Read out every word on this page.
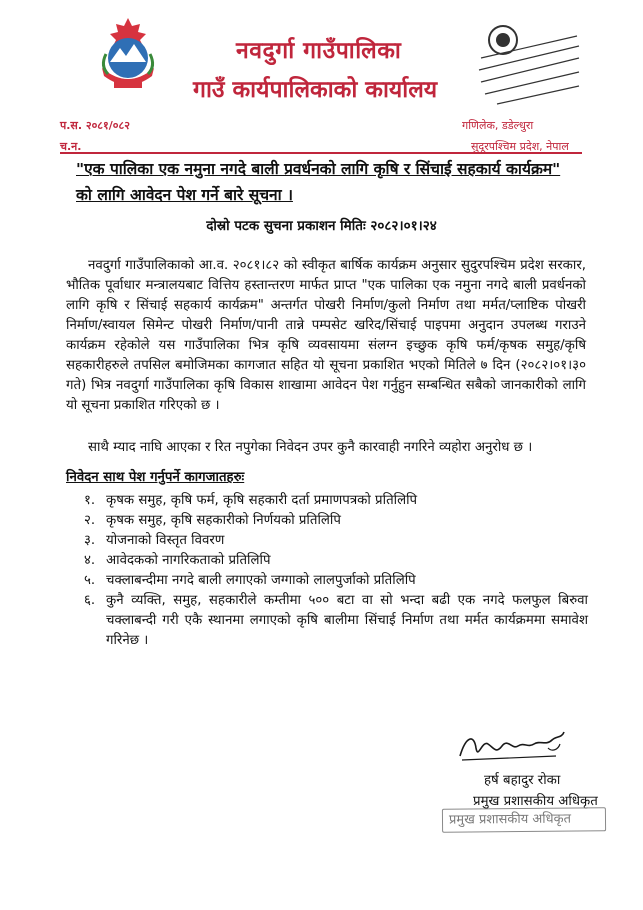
नवदुर्गा गाउँपालिका
गाउँ कार्यपालिकाको कार्यालय
प.स. २०८१/०८२
च.न.
गणिलेक, डडेल्धुरा
सुदूरपश्चिम प्रदेश, नेपाल
"एक पालिका एक नमुना नगदे बाली प्रवर्धनको लागि कृषि र सिंचाई सहकार्य कार्यक्रम" को लागि आवेदन पेश गर्ने बारे सूचना ।
दोस्रो पटक सुचना प्रकाशन मितिः २०८२।०१।२४
नवदुर्गा गाउँपालिकाको आ.व. २०८१।८२ को स्वीकृत बार्षिक कार्यक्रम अनुसार सुदुरपश्चिम प्रदेश सरकार, भौतिक पूर्वाधार मन्त्रालयबाट वित्तिय हस्तान्तरण मार्फत प्राप्त "एक पालिका एक नमुना नगदे बाली प्रवर्धनको लागि कृषि र सिंचाई सहकार्य कार्यक्रम" अन्तर्गत पोखरी निर्माण/कुलो निर्माण तथा मर्मत/प्लाष्टिक पोखरी निर्माण/स्वायल सिमेन्ट पोखरी निर्माण/पानी तान्ने पम्पसेट खरिद/सिंचाई पाइपमा अनुदान उपलब्ध गराउने कार्यक्रम रहेकोले यस गाउँपालिका भित्र कृषि व्यवसायमा संलग्न इच्छुक कृषि फर्म/कृषक समुह/कृषि सहकारीहरुले तपसिल बमोजिमका कागजात सहित यो सूचना प्रकाशित भएको मितिले ७ दिन (२०८२।०१।३० गते) भित्र नवदुर्गा गाउँपालिका कृषि विकास शाखामा आवेदन पेश गर्नुहुन सम्बन्धित सबैको जानकारीको लागि यो सूचना प्रकाशित गरिएको छ ।
साथै म्याद नाघि आएका र रित नपुगेका निवेदन उपर कुनै कारवाही नगरिने व्यहोरा अनुरोध छ ।
निवेदन साथ पेश गर्नुपर्ने कागजातहरुः
१. कृषक समुह, कृषि फर्म, कृषि सहकारी दर्ता प्रमाणपत्रको प्रतिलिपि
२. कृषक समुह, कृषि सहकारीको निर्णयको प्रतिलिपि
३. योजनाको विस्तृत विवरण
४. आवेदकको नागरिकताको प्रतिलिपि
५. चक्लाबन्दीमा नगदे बाली लगाएको जग्गाको लालपुर्जाको प्रतिलिपि
६. कुनै व्यक्ति, समुह, सहकारीले कम्तीमा ५०० बटा वा सो भन्दा बढी एक नगदे फलफुल बिरुवा चक्लाबन्दी गरी एकै स्थानमा लगाएको कृषि बालीमा सिंचाई निर्माण तथा मर्मत कार्यक्रममा समावेश गरिनेछ ।
हर्ष बहादुर रोका
प्रमुख प्रशासकीय अधिकृत
प्रमुख प्रशासकीय अधिकृत
